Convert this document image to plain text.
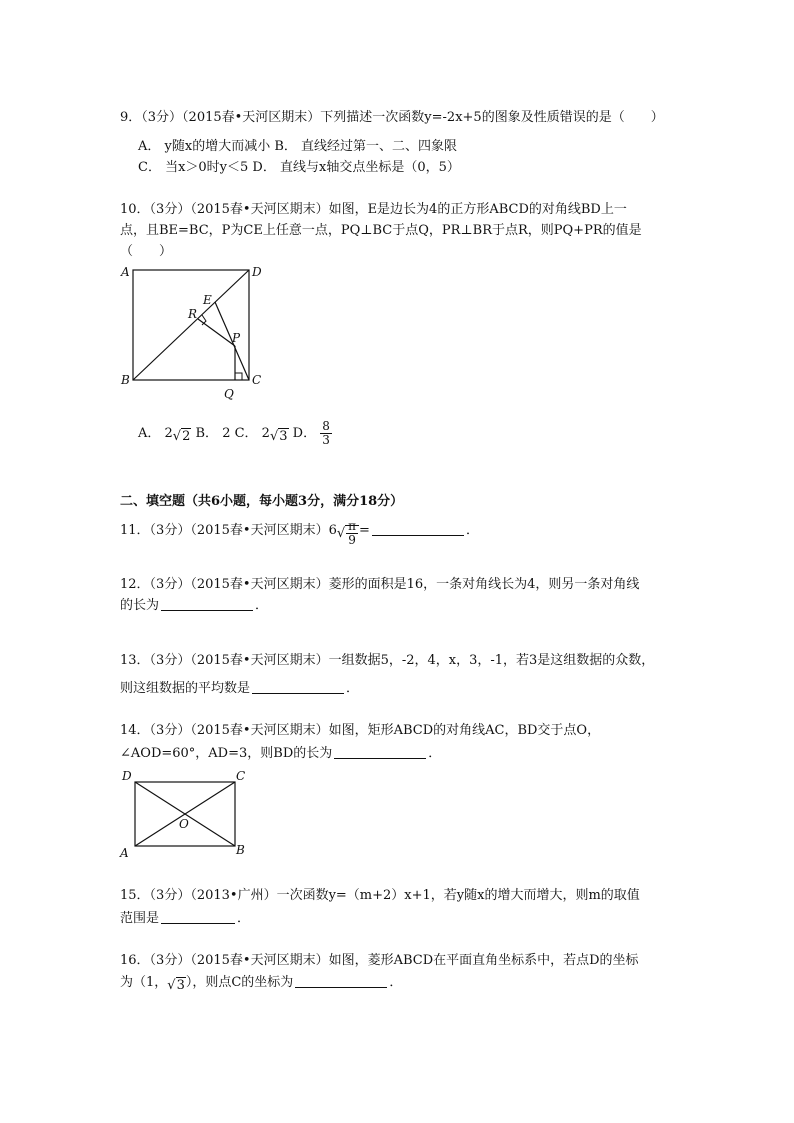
9．（3分）（2015春•天河区期末）下列描述一次函数y=-2x+5的图象及性质错误的是（　　）
A． y随x的增大而减小 B． 直线经过第一、二、四象限
C． 当x＞0时y＜5 D． 直线与x轴交点坐标是（0，5）
10．（3分）（2015春•天河区期末）如图，E是边长为4的正方形ABCD的对角线BD上一
点，且BE=BC，P为CE上任意一点，PQ⊥BC于点Q，PR⊥BR于点R，则PQ+PR的值是
（　　）
A	D
E
R
P
B	C
Q
A． 2√2 B． 2 C． 2√3 D． $\frac{8}{3}$
二、填空题（共6小题，每小题3分，满分18分）
11．（3分）（2015春•天河区期末）$6√ \frac{\pi}{9}$ =	．
12．（3分）（2015春•天河区期末）菱形的面积是16，一条对角线长为4，则另一条对角线
的长为	．
13．（3分）（2015春•天河区期末）一组数据5，-2，4，x，3，-1，若3是这组数据的众数，
则这组数据的平均数是	．
14．（3分）（2015春•天河区期末）如图，矩形ABCD的对角线AC，BD交于点O，
∠AOD=60°，AD=3，则BD的长为	．
D	C
O
A	B
15．（3分）（2013•广州）一次函数y=（m+2）x+1，若y随x的增大而增大，则m的取值
范围是	．
16．（3分）（2015春•天河区期末）如图，菱形ABCD在平面直角坐标系中，若点D的坐标
为（1，√3），则点C的坐标为	．
